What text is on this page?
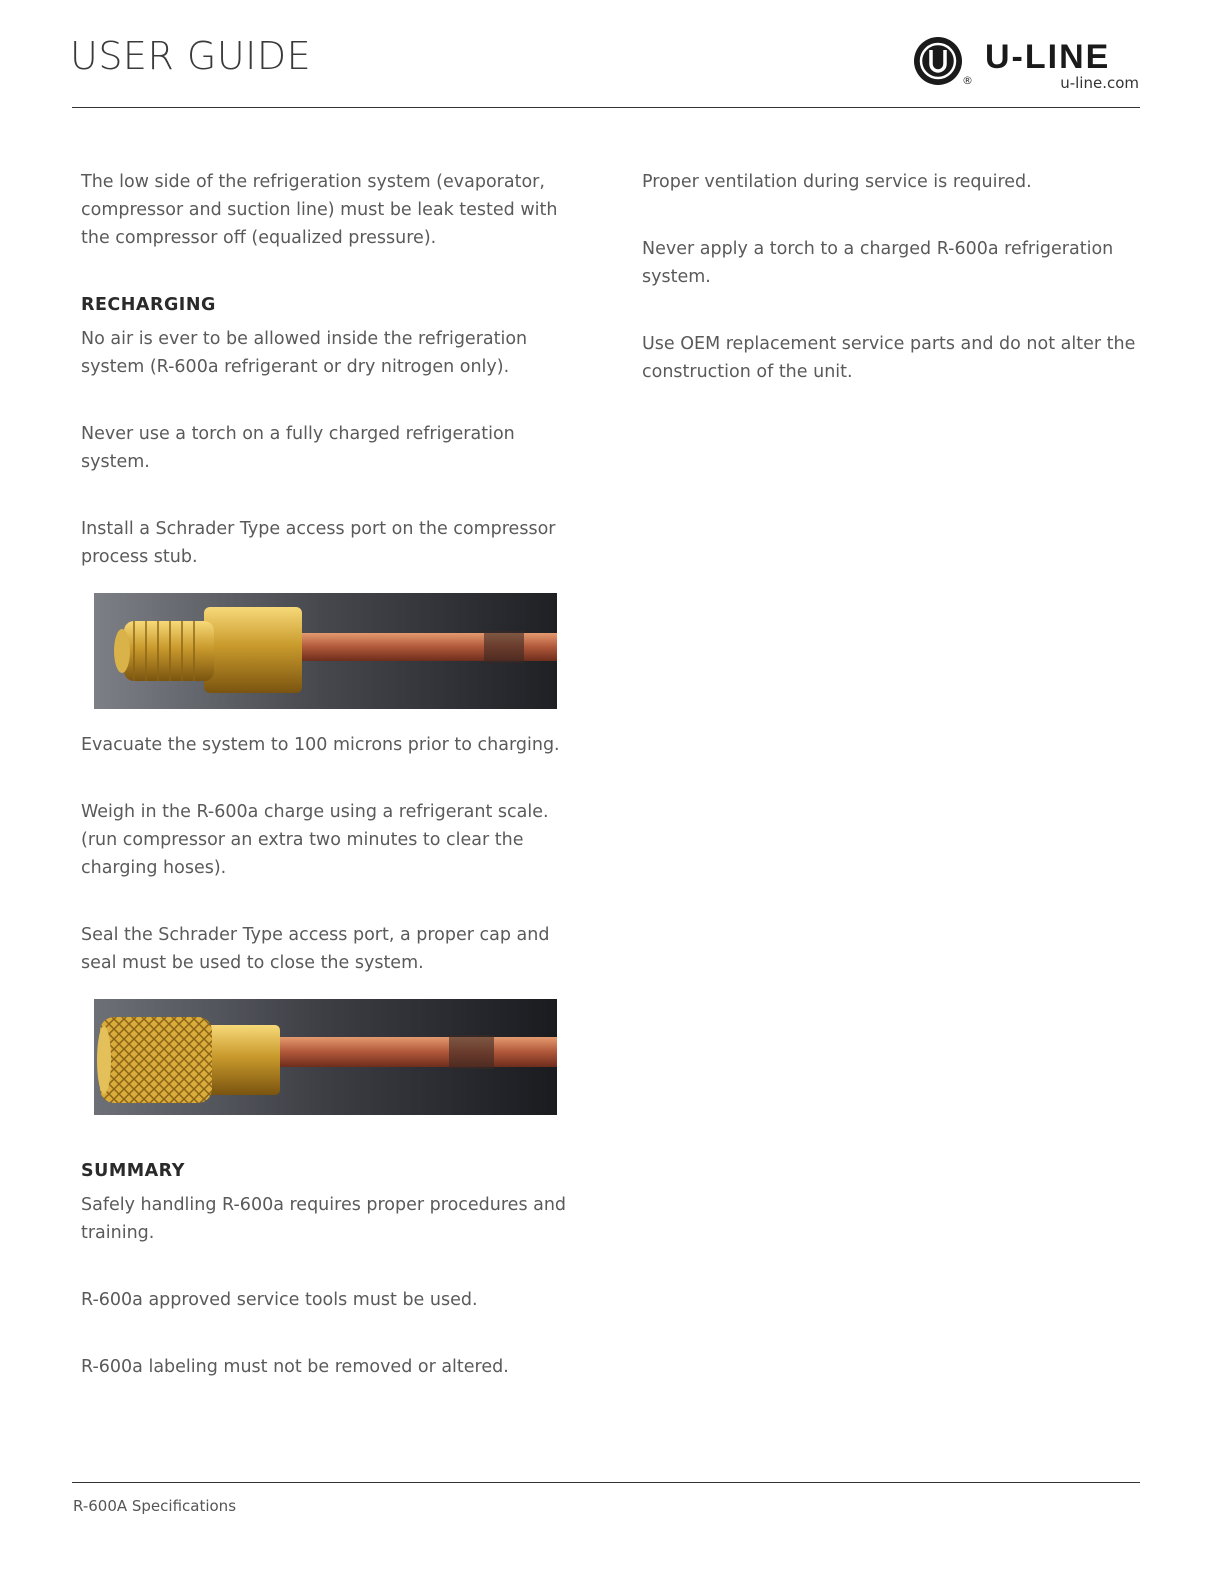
USER GUIDE
®
U-LINE
u-line.com

The low side of the refrigeration system (evaporator, compressor and suction line) must be leak tested with the compressor off (equalized pressure).

RECHARGING

No air is ever to be allowed inside the refrigeration system (R-600a refrigerant or dry nitrogen only).

Never use a torch on a fully charged refrigeration system.

Install a Schrader Type access port on the compressor process stub.

Evacuate the system to 100 microns prior to charging.

Weigh in the R-600a charge using a refrigerant scale. (run compressor an extra two minutes to clear the charging hoses).

Seal the Schrader Type access port, a proper cap and seal must be used to close the system.

SUMMARY

Safely handling R-600a requires proper procedures and training.

R-600a approved service tools must be used.

R-600a labeling must not be removed or altered.

Proper ventilation during service is required.

Never apply a torch to a charged R-600a refrigeration system.

Use OEM replacement service parts and do not alter the construction of the unit.

R-600A Specifications
